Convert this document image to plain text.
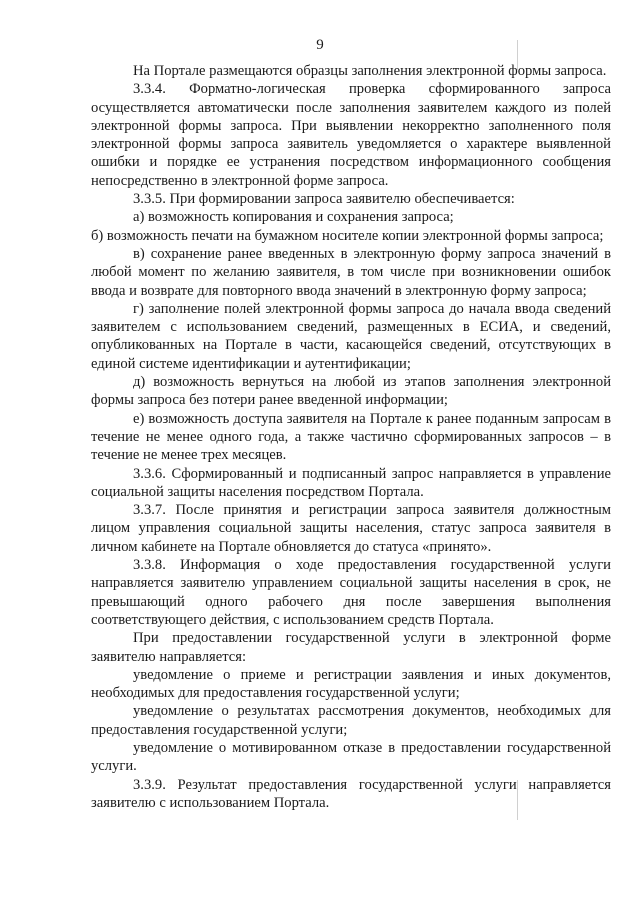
9

На Портале размещаются образцы заполнения электронной формы запроса.

3.3.4. Форматно-логическая проверка сформированного запроса осуществляется автоматически после заполнения заявителем каждого из полей электронной формы запроса. При выявлении некорректно заполненного поля электронной формы запроса заявитель уведомляется о характере выявленной ошибки и порядке ее устранения посредством информационного сообщения непосредственно в электронной форме запроса.

3.3.5. При формировании запроса заявителю обеспечивается:

а) возможность копирования и сохранения запроса;

б) возможность печати на бумажном носителе копии электронной формы запроса;

в) сохранение ранее введенных в электронную форму запроса значений в любой момент по желанию заявителя, в том числе при возникновении ошибок ввода и возврате для повторного ввода значений в электронную форму запроса;

г) заполнение полей электронной формы запроса до начала ввода сведений заявителем с использованием сведений, размещенных в ЕСИА, и сведений, опубликованных на Портале в части, касающейся сведений, отсутствующих в единой системе идентификации и аутентификации;

д) возможность вернуться на любой из этапов заполнения электронной формы запроса без потери ранее введенной информации;

е) возможность доступа заявителя на Портале к ранее поданным запросам в течение не менее одного года, а также частично сформированных запросов – в течение не менее трех месяцев.

3.3.6. Сформированный и подписанный запрос направляется в управление социальной защиты населения посредством Портала.

3.3.7. После принятия и регистрации запроса заявителя должностным лицом управления социальной защиты населения, статус запроса заявителя в личном кабинете на Портале обновляется до статуса «принято».

3.3.8. Информация о ходе предоставления государственной услуги направляется заявителю управлением социальной защиты населения в срок, не превышающий одного рабочего дня после завершения выполнения соответствующего действия, с использованием средств Портала.

При предоставлении государственной услуги в электронной форме заявителю направляется:

уведомление о приеме и регистрации заявления и иных документов, необходимых для предоставления государственной услуги;

уведомление о результатах рассмотрения документов, необходимых для предоставления государственной услуги;

уведомление о мотивированном отказе в предоставлении государственной услуги.

3.3.9. Результат предоставления государственной услуги направляется заявителю с использованием Портала.
